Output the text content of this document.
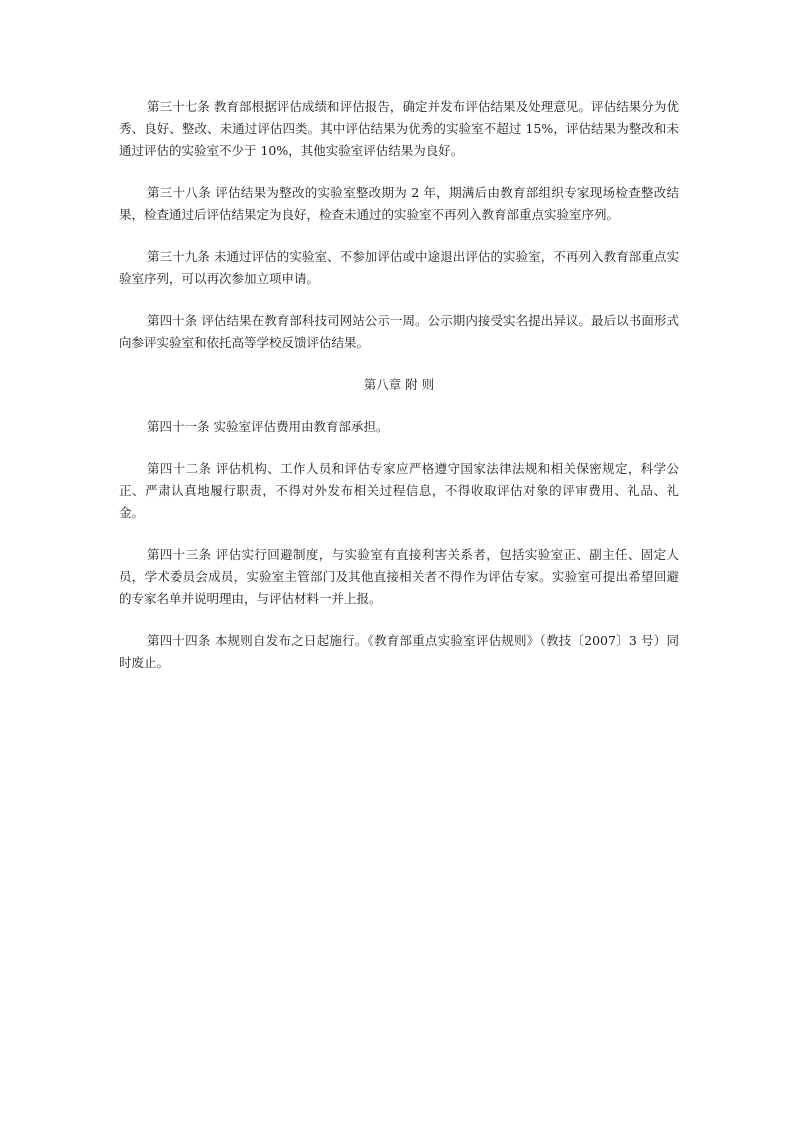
第三十七条 教育部根据评估成绩和评估报告，确定并发布评估结果及处理意见。评估结果分为优秀、良好、整改、未通过评估四类。其中评估结果为优秀的实验室不超过 15%，评估结果为整改和未通过评估的实验室不少于 10%，其他实验室评估结果为良好。

第三十八条 评估结果为整改的实验室整改期为 2 年，期满后由教育部组织专家现场检查整改结果，检查通过后评估结果定为良好，检查未通过的实验室不再列入教育部重点实验室序列。

第三十九条 未通过评估的实验室、不参加评估或中途退出评估的实验室，不再列入教育部重点实验室序列，可以再次参加立项申请。

第四十条 评估结果在教育部科技司网站公示一周。公示期内接受实名提出异议。最后以书面形式向参评实验室和依托高等学校反馈评估结果。

第八章 附 则

第四十一条 实验室评估费用由教育部承担。

第四十二条 评估机构、工作人员和评估专家应严格遵守国家法律法规和相关保密规定，科学公正、严肃认真地履行职责，不得对外发布相关过程信息，不得收取评估对象的评审费用、礼品、礼金。

第四十三条 评估实行回避制度，与实验室有直接利害关系者，包括实验室正、副主任、固定人员，学术委员会成员，实验室主管部门及其他直接相关者不得作为评估专家。实验室可提出希望回避的专家名单并说明理由，与评估材料一并上报。

第四十四条 本规则自发布之日起施行。《教育部重点实验室评估规则》（教技〔2007〕3 号）同时废止。
